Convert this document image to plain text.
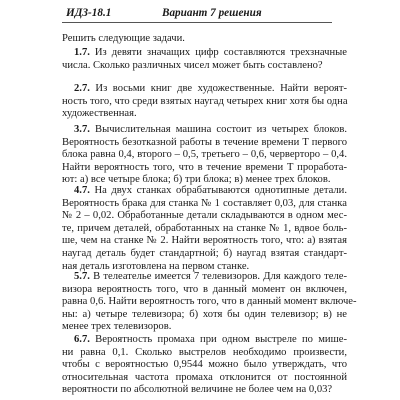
ИДЗ-18.1	Вариант 7 решения
Решить следующие задачи.
1.7. Из девяти значащих цифр составляются трехзначные
числа. Сколько различных чисел может быть составлено?
2.7. Из восьми книг две художественные. Найти вероят-
ность того, что среди взятых наугад четырех книг хотя бы одна
художественная.
3.7. Вычислительная машина состоит из четырех блоков.
Вероятность безотказной работы в течение времени T первого
блока равна 0,4, второго – 0,5, третьего – 0,6, черверторо – 0,4.
Найти вероятность того, что в течение времени T проработа-
ют: а) все четыре блока; б) три блока; в) менее трех блоков.
4.7. На двух станках обрабатываются однотипные детали.
Вероятность брака для станка № 1 составляет 0,03, для станка
№ 2 – 0,02. Обработанные детали складываются в одном мес-
те, причем деталей, обработанных на станке № 1, вдвое боль-
ше, чем на станке № 2. Найти вероятность того, что: а) взятая
наугад деталь будет стандартной; б) наугад взятая стандарт-
ная деталь изготовлена на первом станке.
5.7. В телеателье имеется 7 телевизоров. Для каждого теле-
визора вероятность того, что в данный момент он включен,
равна 0,6. Найти вероятность того, что в данный момент включе-
ны: а) четыре телевизора; б) хотя бы один телевизор; в) не
менее трех телевизоров.
6.7. Вероятность промаха при одном выстреле по мише-
ни равна 0,1. Сколько выстрелов необходимо произвести,
чтобы с вероятностью 0,9544 можно было утверждать, что
относительная частота промаха отклонится от постоянной
вероятности по абсолютной величине не более чем на 0,03?
